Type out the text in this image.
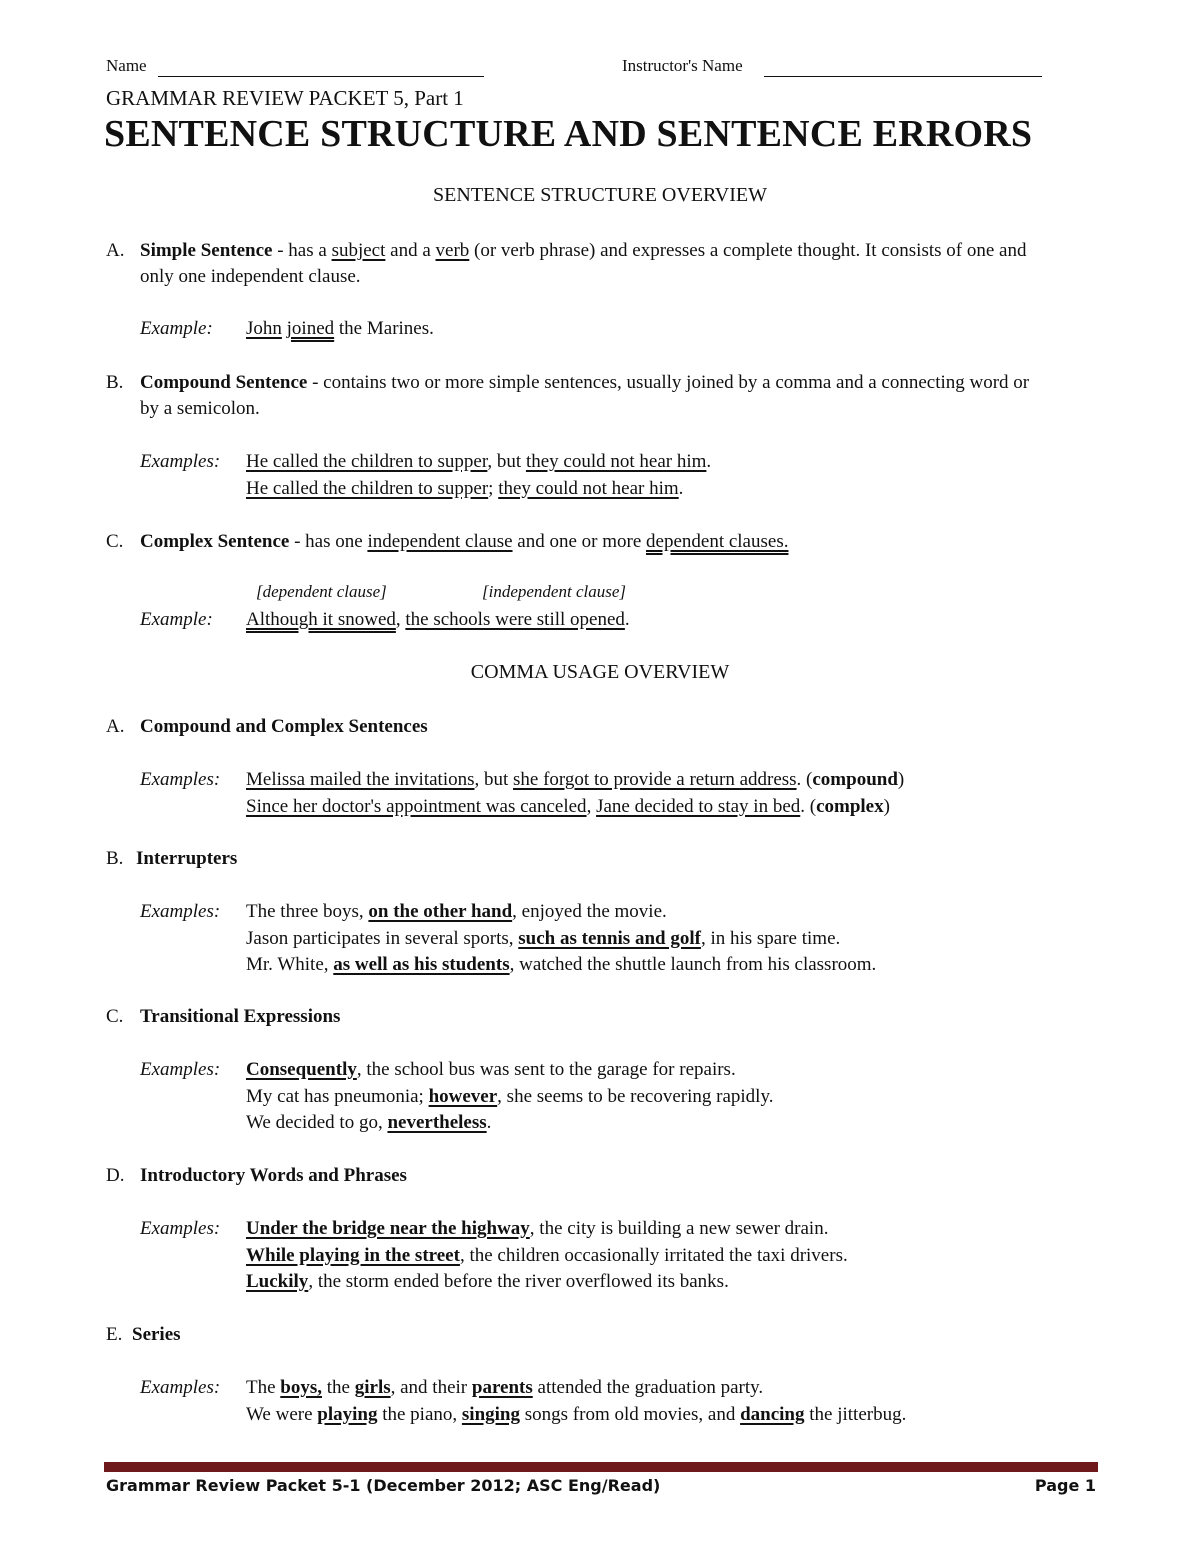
Name	Instructor's Name
GRAMMAR REVIEW PACKET 5, Part 1
SENTENCE STRUCTURE AND SENTENCE ERRORS
SENTENCE STRUCTURE OVERVIEW
A. Simple Sentence - has a subject and a verb (or verb phrase) and expresses a complete thought. It consists of one and only one independent clause.
Example: John joined the Marines.
B. Compound Sentence - contains two or more simple sentences, usually joined by a comma and a connecting word or by a semicolon.
Examples: He called the children to supper, but they could not hear him.
He called the children to supper; they could not hear him.
C. Complex Sentence - has one independent clause and one or more dependent clauses.
[dependent clause]	[independent clause]
Example: Although it snowed, the schools were still opened.
COMMA USAGE OVERVIEW
A. Compound and Complex Sentences
Examples: Melissa mailed the invitations, but she forgot to provide a return address. (compound)
Since her doctor's appointment was canceled, Jane decided to stay in bed. (complex)
B. Interrupters
Examples: The three boys, on the other hand, enjoyed the movie.
Jason participates in several sports, such as tennis and golf, in his spare time.
Mr. White, as well as his students, watched the shuttle launch from his classroom.
C. Transitional Expressions
Examples: Consequently, the school bus was sent to the garage for repairs.
My cat has pneumonia; however, she seems to be recovering rapidly.
We decided to go, nevertheless.
D. Introductory Words and Phrases
Examples: Under the bridge near the highway, the city is building a new sewer drain.
While playing in the street, the children occasionally irritated the taxi drivers.
Luckily, the storm ended before the river overflowed its banks.
E. Series
Examples: The boys, the girls, and their parents attended the graduation party.
We were playing the piano, singing songs from old movies, and dancing the jitterbug.
Grammar Review Packet 5-1 (December 2012; ASC Eng/Read)	Page 1
